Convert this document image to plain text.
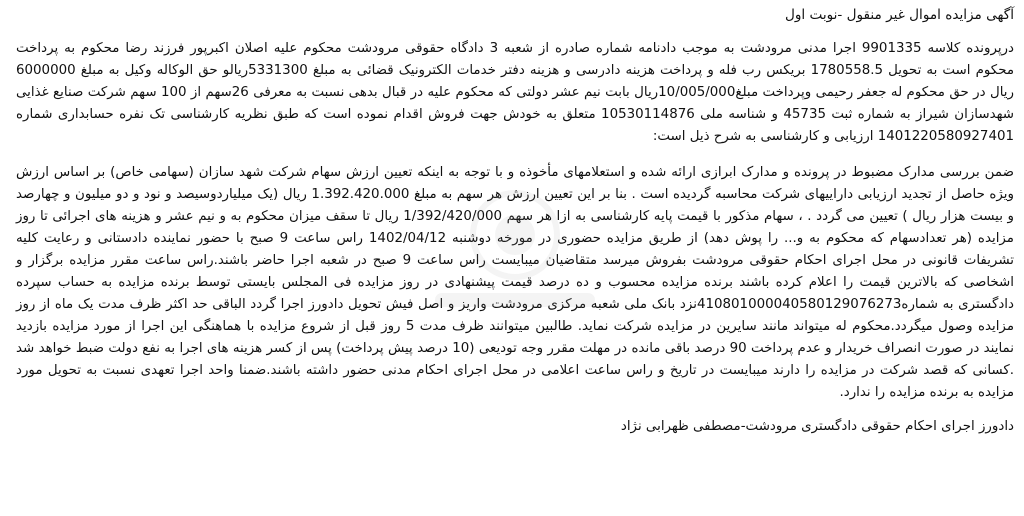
آگهی مزایده اموال غیر منقول -نوبت اول

درپرونده کلاسه 9901335 اجرا مدنی مرودشت به موجب دادنامه شماره صادره از شعبه 3 دادگاه حقوقی مرودشت محکوم علیه اصلان اکبرپور فرزند رضا محکوم به پرداخت محکوم است به تحویل 1780558.5 بریکس رب فله و پرداخت هزینه دادرسی و هزینه دفتر خدمات الکترونیک قضائی به مبلغ 5331300ریالو حق الوکاله وکیل به مبلغ 6000000 ریال در حق محکوم له جعفر رحیمی وپرداخت مبلغ10/005/000ریال بابت نیم عشر دولتی که محکوم علیه در قبال بدهی نسبت به معرفی 26سهم از 100 سهم شرکت صنایع غذایی شهدسازان شیراز به شماره ثبت 45735 و شناسه ملی 10530114876 متعلق به خودش جهت فروش اقدام نموده است که طبق نظریه کارشناسی تک نفره حسابداری شماره 1401220580927401 ارزیابی و کارشناسی به شرح ذیل است:

ضمن بررسی مدارک مضبوط در پرونده و مدارک ابرازی ارائه شده و استعلامهای مأخوذه و با توجه به اینکه تعیین ارزش سهام شرکت شهد سازان (سهامی خاص) بر اساس ارزش ویژه حاصل از تجدید ارزیابی داراییهای شرکت محاسبه گردیده است . بنا بر این تعیین ارزش هر سهم به مبلغ 1.392.420.000 ریال (یک میلیاردوسیصد و نود و دو میلیون و چهارصد و بیست هزار ریال ) تعیین می گردد . ، سهام مذکور با قیمت پایه کارشناسی به ازا هر سهم 1/392/420/000 ریال تا سقف میزان محکوم به و نیم عشر و هزینه های اجرائی تا روز مزایده (هر تعدادسهام که محکوم به و... را پوش دهد) از طریق مزایده حضوری در مورخه دوشنبه 1402/04/12 راس ساعت 9 صبح با حضور نماینده دادستانی و رعایت کلیه تشریفات قانونی در محل اجرای احکام حقوقی مرودشت بفروش میرسد متقاضیان میبایست راس ساعت 9 صبح در شعبه اجرا حاضر باشند.راس ساعت مقرر مزایده برگزار و اشخاصی که بالاترین قیمت را اعلام کرده باشند برنده مزایده محسوب و ده درصد قیمت پیشنهادی در روز مزایده فی المجلس بایستی توسط برنده مزایده به حساب سپرده دادگستری به شماره0801000040580129076273‏41نزد بانک ملی شعبه مرکزی مرودشت واریز و اصل فیش تحویل دادورز اجرا گردد الباقی حد اکثر ظرف مدت یک ماه از روز مزایده وصول میگردد.محکوم له میتواند مانند سایرین در مزایده شرکت نماید. طالبین میتوانند ظرف مدت 5 روز قبل از شروع مزایده با هماهنگی این اجرا از مورد مزایده بازدید نمایند در صورت انصراف خریدار و عدم پرداخت 90 درصد باقی مانده در مهلت مقرر وجه تودیعی (10 درصد پیش پرداخت) پس از کسر هزینه های اجرا به نفع دولت ضبط خواهد شد .کسانی که قصد شرکت در مزایده را دارند میبایست در تاریخ و راس ساعت اعلامی در محل اجرای احکام مدنی حضور داشته باشند.ضمنا واحد اجرا تعهدی نسبت به تحویل مورد مزایده به برنده مزایده را ندارد.

دادورز اجرای احکام حقوقی دادگستری مرودشت-مصطفی ظهرابی نژاد
